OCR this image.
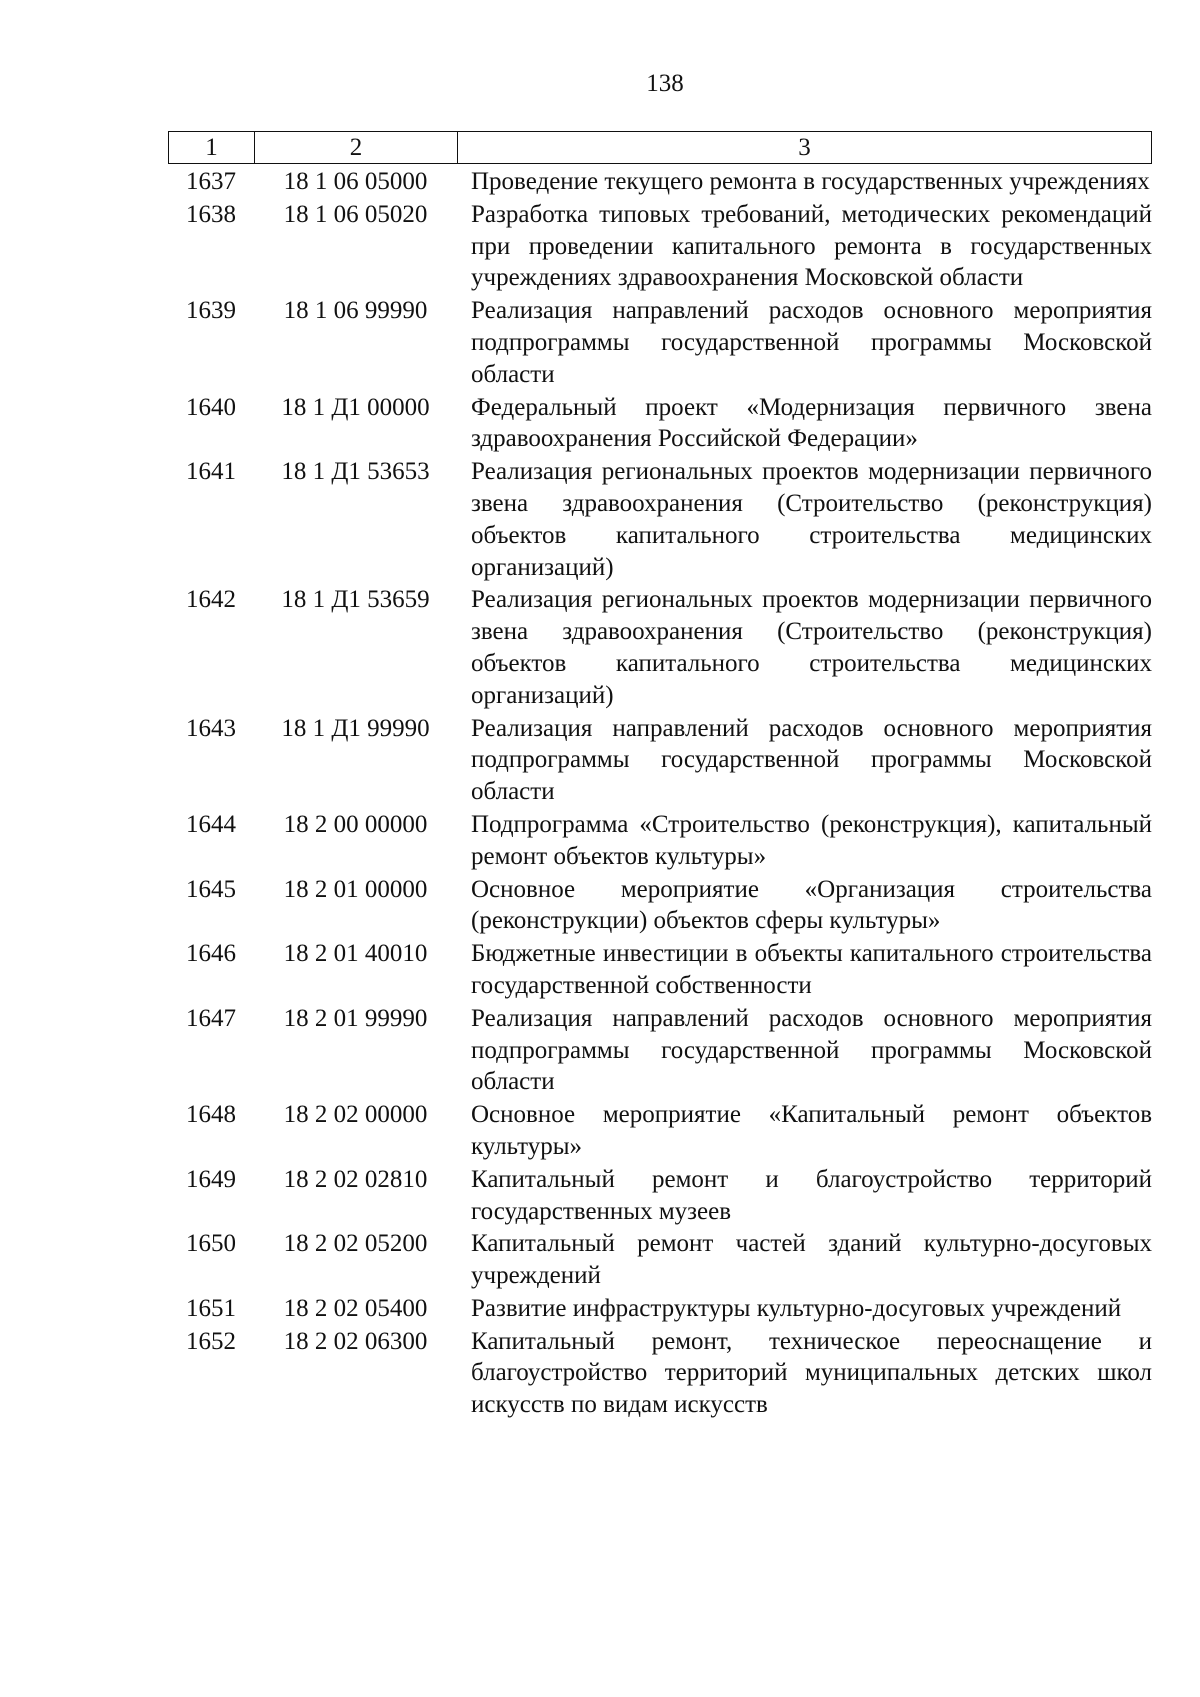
138
1	2	3
1637	18 1 06 05000	Проведение текущего ремонта в государственных учреждениях
1638	18 1 06 05020	Разработка типовых требований, методических рекомендаций при проведении капитального ремонта в государственных учреждениях здравоохранения Московской области
1639	18 1 06 99990	Реализация направлений расходов основного мероприятия подпрограммы государственной программы Московской области
1640	18 1 Д1 00000	Федеральный проект «Модернизация первичного звена здравоохранения Российской Федерации»
1641	18 1 Д1 53653	Реализация региональных проектов модернизации первичного звена здравоохранения (Строительство (реконструкция) объектов капитального строительства медицинских организаций)
1642	18 1 Д1 53659	Реализация региональных проектов модернизации первичного звена здравоохранения (Строительство (реконструкция) объектов капитального строительства медицинских организаций)
1643	18 1 Д1 99990	Реализация направлений расходов основного мероприятия подпрограммы государственной программы Московской области
1644	18 2 00 00000	Подпрограмма «Строительство (реконструкция), капитальный ремонт объектов культуры»
1645	18 2 01 00000	Основное мероприятие «Организация строительства (реконструкции) объектов сферы культуры»
1646	18 2 01 40010	Бюджетные инвестиции в объекты капитального строительства государственной собственности
1647	18 2 01 99990	Реализация направлений расходов основного мероприятия подпрограммы государственной программы Московской области
1648	18 2 02 00000	Основное мероприятие «Капитальный ремонт объектов культуры»
1649	18 2 02 02810	Капитальный ремонт и благоустройство территорий государственных музеев
1650	18 2 02 05200	Капитальный ремонт частей зданий культурно-досуговых учреждений
1651	18 2 02 05400	Развитие инфраструктуры культурно-досуговых учреждений
1652	18 2 02 06300	Капитальный ремонт, техническое переоснащение и благоустройство территорий муниципальных детских школ искусств по видам искусств
